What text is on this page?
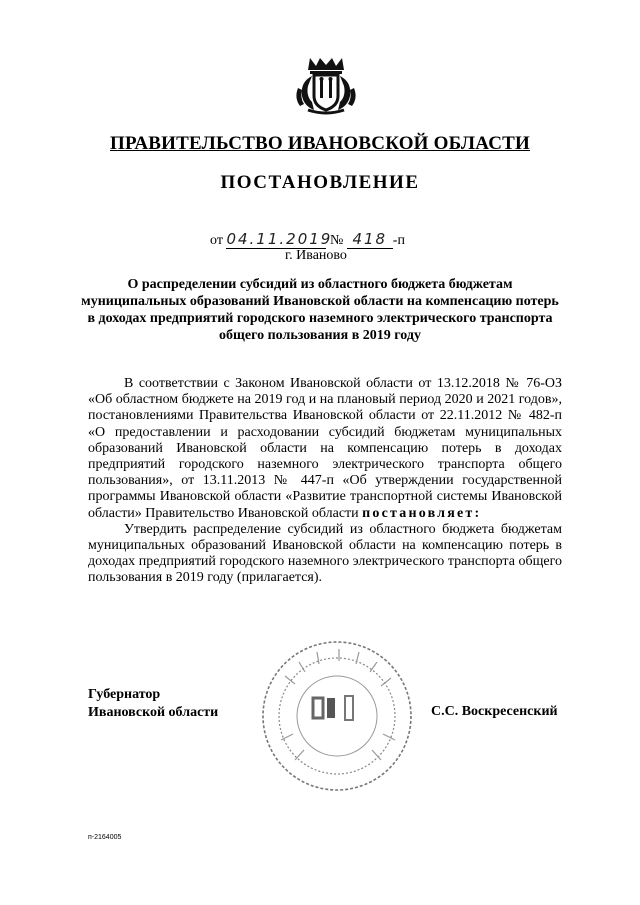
ПРАВИТЕЛЬСТВО ИВАНОВСКОЙ ОБЛАСТИ
ПОСТАНОВЛЕНИЕ
от 04.11.2019 № 418 -п
г. Иваново
О распределении субсидий из областного бюджета бюджетам муниципальных образований Ивановской области на компенсацию потерь в доходах предприятий городского наземного электрического транспорта общего пользования в 2019 году

В соответствии с Законом Ивановской области от 13.12.2018 № 76-ОЗ «Об областном бюджете на 2019 год и на плановый период 2020 и 2021 годов», постановлениями Правительства Ивановской области от 22.11.2012 № 482-п «О предоставлении и расходовании субсидий бюджетам муниципальных образований Ивановской области на компенсацию потерь в доходах предприятий городского наземного электрического транспорта общего пользования», от 13.11.2013 № 447-п «Об утверждении государственной программы Ивановской области «Развитие транспортной системы Ивановской области» Правительство Ивановской области постановляет:

Утвердить распределение субсидий из областного бюджета бюджетам муниципальных образований Ивановской области на компенсацию потерь в доходах предприятий городского наземного электрического транспорта общего пользования в 2019 году (прилагается).

Губернатор
Ивановской области	С.С. Воскресенский
п-2164005
